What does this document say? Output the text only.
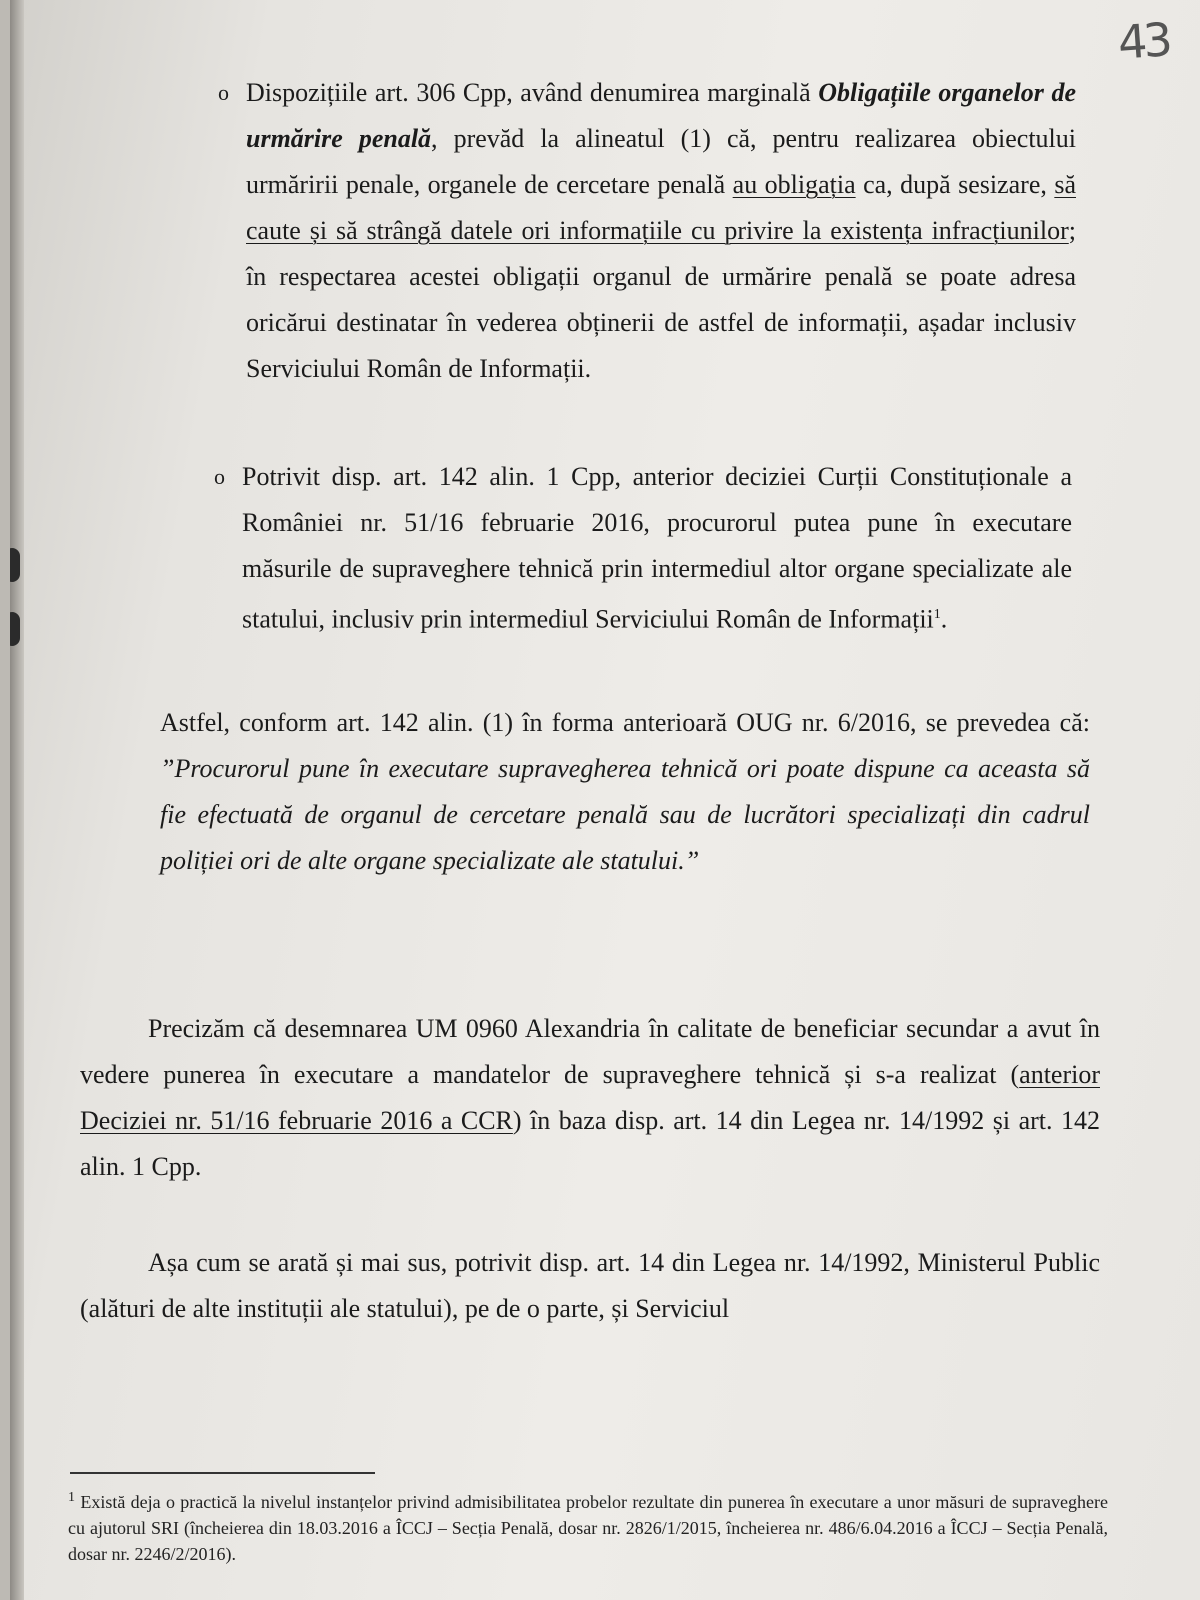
43
o Dispozițiile art. 306 Cpp, având denumirea marginală Obligațiile organelor de urmărire penală, prevăd la alineatul (1) că, pentru realizarea obiectului urmăririi penale, organele de cercetare penală au obligația ca, după sesizare, să caute și să strângă datele ori informațiile cu privire la existența infracțiunilor; în respectarea acestei obligații organul de urmărire penală se poate adresa oricărui destinatar în vederea obținerii de astfel de informații, așadar inclusiv Serviciului Român de Informații.
o Potrivit disp. art. 142 alin. 1 Cpp, anterior deciziei Curții Constituționale a României nr. 51/16 februarie 2016, procurorul putea pune în executare măsurile de supraveghere tehnică prin intermediul altor organe specializate ale statului, inclusiv prin intermediul Serviciului Român de Informații$^1$.
Astfel, conform art. 142 alin. (1) în forma anterioară OUG nr. 6/2016, se prevedea că: ”Procurorul pune în executare supravegherea tehnică ori poate dispune ca aceasta să fie efectuată de organul de cercetare penală sau de lucrători specializați din cadrul poliției ori de alte organe specializate ale statului.”
Precizăm că desemnarea UM 0960 Alexandria în calitate de beneficiar secundar a avut în vedere punerea în executare a mandatelor de supraveghere tehnică și s-a realizat (anterior Deciziei nr. 51/16 februarie 2016 a CCR) în baza disp. art. 14 din Legea nr. 14/1992 și art. 142 alin. 1 Cpp.
Așa cum se arată și mai sus, potrivit disp. art. 14 din Legea nr. 14/1992, Ministerul Public (alături de alte instituții ale statului), pe de o parte, și Serviciul
$^1$ Există deja o practică la nivelul instanțelor privind admisibilitatea probelor rezultate din punerea în executare a unor măsuri de supraveghere cu ajutorul SRI (încheierea din 18.03.2016 a ÎCCJ – Secția Penală, dosar nr. 2826/1/2015, încheierea nr. 486/6.04.2016 a ÎCCJ – Secția Penală, dosar nr. 2246/2/2016).
